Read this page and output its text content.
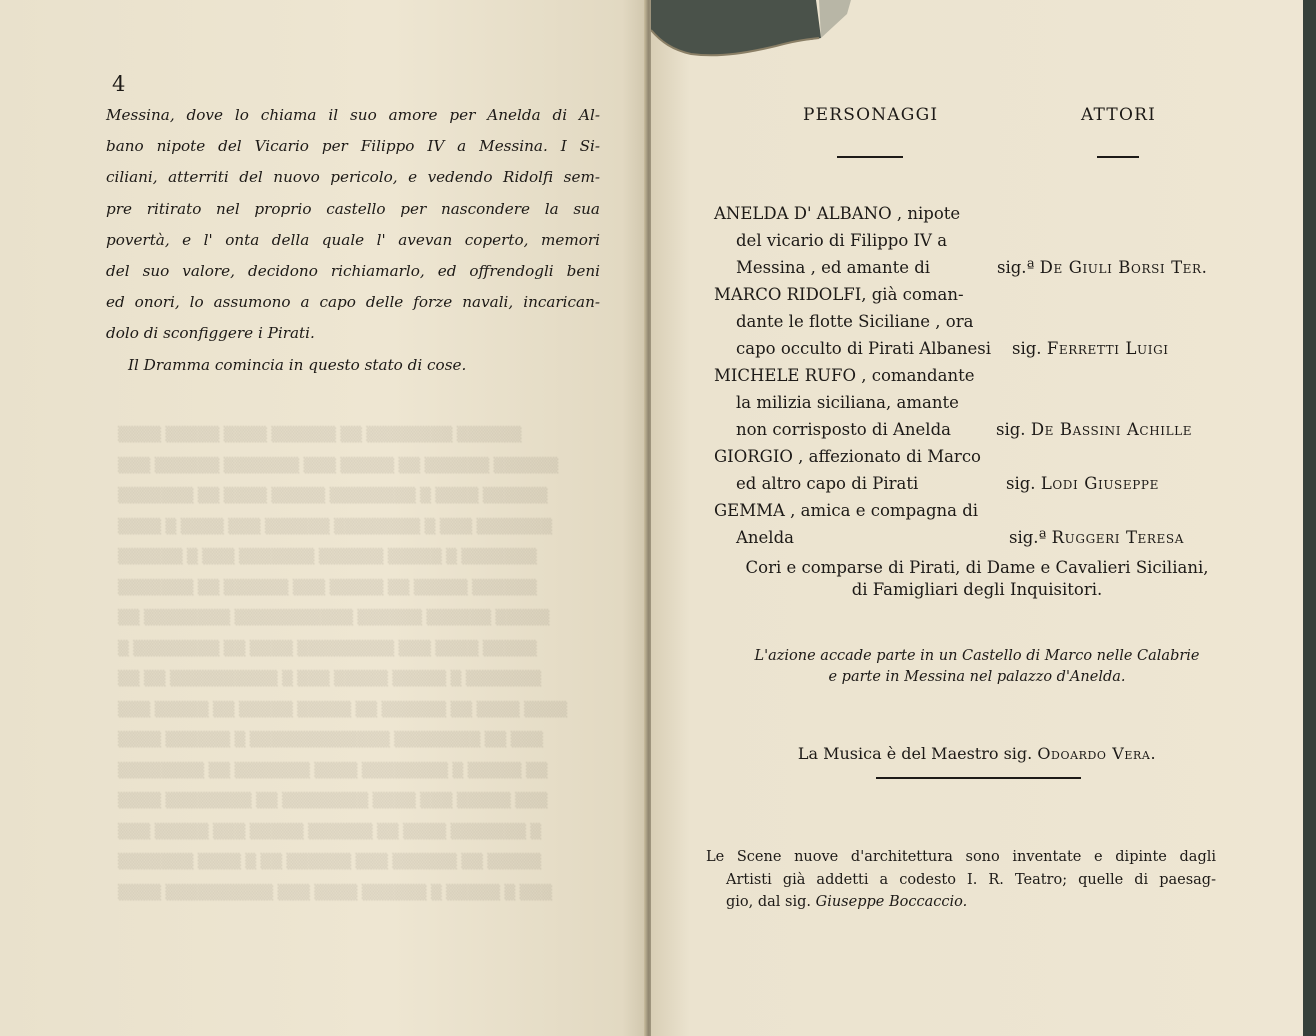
▒▒▒▒ ▒▒▒▒▒ ▒▒▒▒ ▒▒▒▒▒▒ ▒▒ ▒▒▒▒▒▒▒▒ ▒▒▒▒▒▒
▒▒▒ ▒▒▒▒▒▒ ▒▒▒▒▒▒▒ ▒▒▒ ▒▒▒▒▒ ▒▒ ▒▒▒▒▒▒ ▒▒▒▒▒▒
▒▒▒▒▒▒▒ ▒▒ ▒▒▒▒ ▒▒▒▒▒ ▒▒▒▒▒▒▒▒ ▒ ▒▒▒▒ ▒▒▒▒▒▒
▒▒▒▒ ▒ ▒▒▒▒ ▒▒▒ ▒▒▒▒▒▒ ▒▒▒▒▒▒▒▒ ▒ ▒▒▒ ▒▒▒▒▒▒▒
▒▒▒▒▒▒ ▒ ▒▒▒ ▒▒▒▒▒▒▒ ▒▒▒▒▒▒ ▒▒▒▒▒ ▒ ▒▒▒▒▒▒▒
▒▒▒▒▒▒▒ ▒▒ ▒▒▒▒▒▒ ▒▒▒ ▒▒▒▒▒ ▒▒ ▒▒▒▒▒ ▒▒▒▒▒▒
▒▒ ▒▒▒▒▒▒▒▒ ▒▒▒▒▒▒▒▒▒▒▒ ▒▒▒▒▒▒ ▒▒▒▒▒▒ ▒▒▒▒▒
▒ ▒▒▒▒▒▒▒▒ ▒▒ ▒▒▒▒ ▒▒▒▒▒▒▒▒▒ ▒▒▒ ▒▒▒▒ ▒▒▒▒▒
▒▒ ▒▒ ▒▒▒▒▒▒▒▒▒▒ ▒ ▒▒▒ ▒▒▒▒▒ ▒▒▒▒▒ ▒ ▒▒▒▒▒▒▒
▒▒▒ ▒▒▒▒▒ ▒▒ ▒▒▒▒▒ ▒▒▒▒▒ ▒▒ ▒▒▒▒▒▒ ▒▒ ▒▒▒▒ ▒▒▒▒
▒▒▒▒ ▒▒▒▒▒▒ ▒ ▒▒▒▒▒▒▒▒▒▒▒▒▒ ▒▒▒▒▒▒▒▒ ▒▒ ▒▒▒
▒▒▒▒▒▒▒▒ ▒▒ ▒▒▒▒▒▒▒ ▒▒▒▒ ▒▒▒▒▒▒▒▒ ▒ ▒▒▒▒▒ ▒▒
▒▒▒▒ ▒▒▒▒▒▒▒▒ ▒▒ ▒▒▒▒▒▒▒▒ ▒▒▒▒ ▒▒▒ ▒▒▒▒▒ ▒▒▒
▒▒▒ ▒▒▒▒▒ ▒▒▒ ▒▒▒▒▒ ▒▒▒▒▒▒ ▒▒ ▒▒▒▒ ▒▒▒▒▒▒▒ ▒
▒▒▒▒▒▒▒ ▒▒▒▒ ▒ ▒▒ ▒▒▒▒▒▒ ▒▒▒ ▒▒▒▒▒▒ ▒▒ ▒▒▒▒▒
▒▒▒▒ ▒▒▒▒▒▒▒▒▒▒ ▒▒▒ ▒▒▒▒ ▒▒▒▒▒▒ ▒ ▒▒▒▒▒ ▒ ▒▒▒
4
Messina, dove lo chiama il suo amore per Anelda di Al-
bano nipote del Vicario per Filippo IV a Messina. I Si-
ciliani, atterriti del nuovo pericolo, e vedendo Ridolfi sem-
pre ritirato nel proprio castello per nascondere la sua
povertà, e l' onta della quale l' avevan coperto, memori
del suo valore, decidono richiamarlo, ed offrendogli beni
ed onori, lo assumono a capo delle forze navali, incarican-
dolo di sconfiggere i Pirati.
Il Dramma comincia in questo stato di cose.
PERSONAGGI	ATTORI
ANELDA D' ALBANO , nipote
del vicario di Filippo IV a
Messina , ed amante di	sig.ª De Giuli Borsi Ter.
MARCO RIDOLFI, già coman-
dante le flotte Siciliane , ora
capo occulto di Pirati Albanesi sig. Ferretti Luigi
MICHELE RUFO , comandante
la milizia siciliana, amante
non corrisposto di Anelda	sig. De Bassini Achille
GIORGIO , affezionato di Marco
ed altro capo di Pirati	sig. Lodi Giuseppe
GEMMA , amica e compagna di
Anelda	sig.ª Ruggeri Teresa
Cori e comparse di Pirati, di Dame e Cavalieri Siciliani,
di Famigliari degli Inquisitori.
L'azione accade parte in un Castello di Marco nelle Calabrie
e parte in Messina nel palazzo d'Anelda.
La Musica è del Maestro sig. Odoardo Vera.
Le Scene nuove d'architettura sono inventate e dipinte dagli
Artisti già addetti a codesto I. R. Teatro; quelle di paesag-
gio, dal sig. Giuseppe Boccaccio.
